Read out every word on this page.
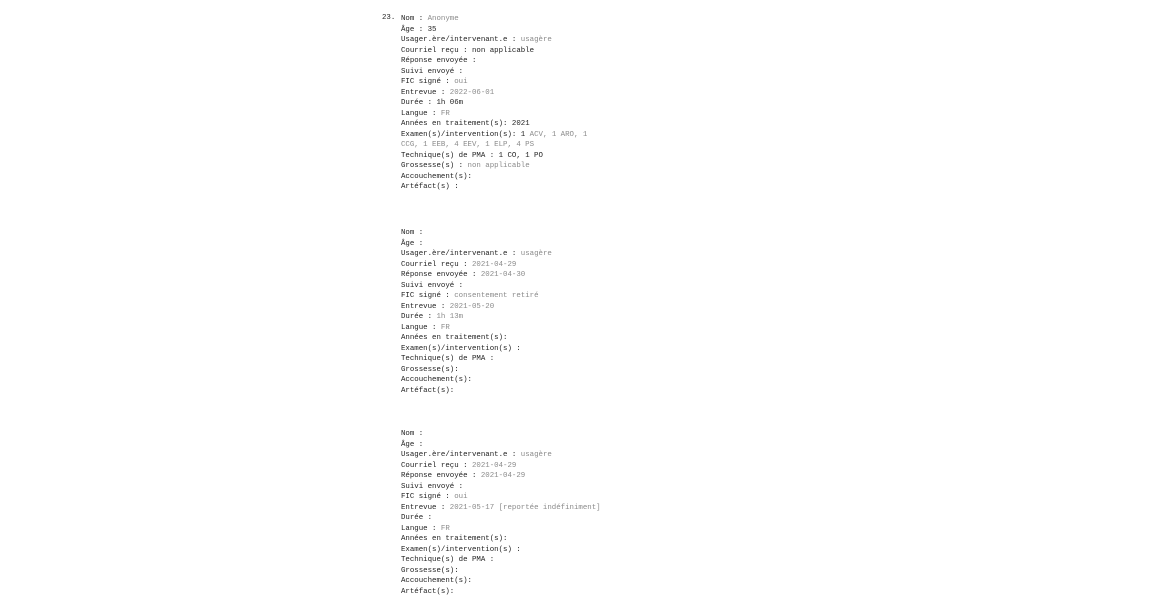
23. Nom : Anonyme
Âge : 35
Usager.ère/intervenant.e : usagère
Courriel reçu : non applicable
Réponse envoyée :
Suivi envoyé :
FIC signé : oui
Entrevue : 2022-06-01
Durée : 1h 06m
Langue : FR
Années en traitement(s): 2021
Examen(s)/intervention(s): 1 ACV, 1 ARO, 1
CCG, 1 EEB, 4 EEV, 1 ELP, 4 PS
Technique(s) de PMA : 1 CO, 1 PO
Grossesse(s) : non applicable
Accouchement(s):
Artéfact(s) :
Nom :
Âge :
Usager.ère/intervenant.e : usagère
Courriel reçu : 2021-04-29
Réponse envoyée : 2021-04-30
Suivi envoyé :
FIC signé : consentement retiré
Entrevue : 2021-05-20
Durée : 1h 13m
Langue : FR
Années en traitement(s):
Examen(s)/intervention(s) :
Technique(s) de PMA :
Grossesse(s):
Accouchement(s):
Artéfact(s):
Nom :
Âge :
Usager.ère/intervenant.e : usagère
Courriel reçu : 2021-04-29
Réponse envoyée : 2021-04-29
Suivi envoyé :
FIC signé : oui
Entrevue : 2021-05-17 [reportée indéfiniment]
Durée :
Langue : FR
Années en traitement(s):
Examen(s)/intervention(s) :
Technique(s) de PMA :
Grossesse(s):
Accouchement(s):
Artéfact(s):
